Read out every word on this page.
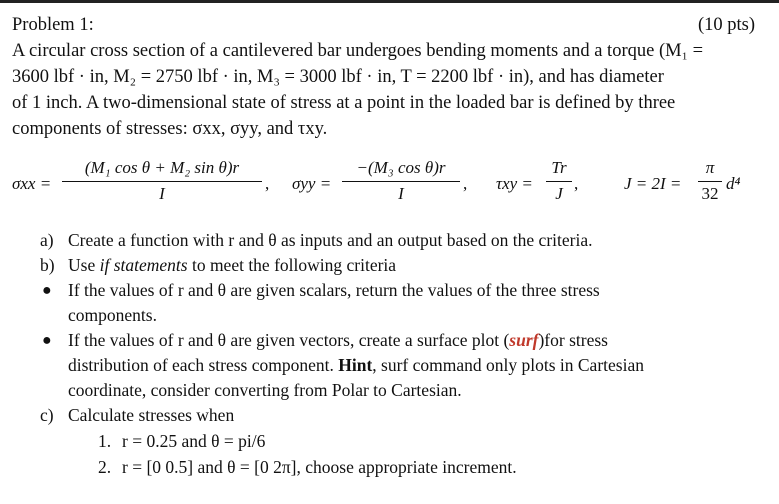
Problem 1:	(10 pts)
A circular cross section of a cantilevered bar undergoes bending moments and a torque (M₁ =
3600 lbf · in, M₂ = 2750 lbf · in, M₃ = 3000 lbf · in, T = 2200 lbf · in), and has diameter
of 1 inch. A two-dimensional state of stress at a point in the loaded bar is defined by three
components of stresses: σxx, σyy, and τxy.
σxx =
(M₁ cos θ + M₂ sin θ)r
I
, σyy =
−(M₃ cos θ)r
I
, τxy =
Tr
J
,	J = 2I =
π
32
d⁴
a) Create a function with r and θ as inputs and an output based on the criteria.
b) Use if statements to meet the following criteria
● If the values of r and θ are given scalars, return the values of the three stress
components.
● If the values of r and θ are given vectors, create a surface plot (surf)for stress
distribution of each stress component. Hint, surf command only plots in Cartesian
coordinate, consider converting from Polar to Cartesian.
c) Calculate stresses when
1. r = 0.25 and θ = pi/6
2. r = [0 0.5] and θ = [0 2π], choose appropriate increment.
